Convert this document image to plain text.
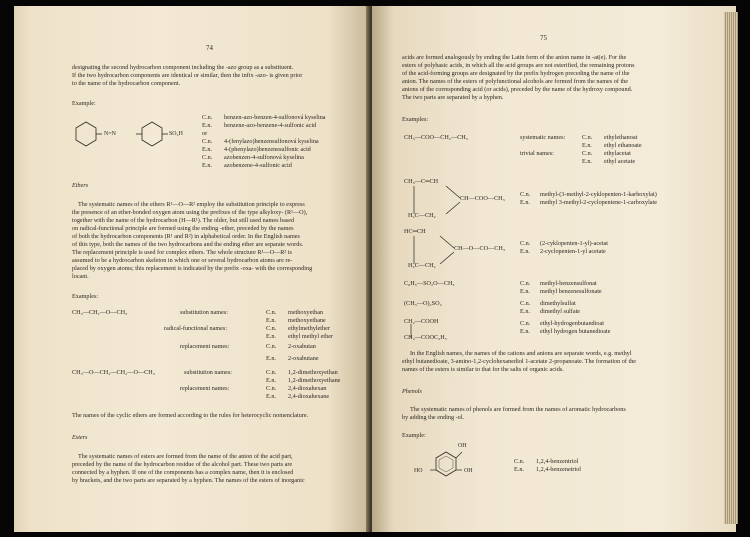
74
designating the second hydrocarbon component including the -azo group as a substituent.
If the two hydrocarbon components are identical or similar, then the infix -azo- is given prior
to the name of the hydrocarbon component.
Example:
N=N	SO₃H
C.n. benzen-azo-benzen-4-sulfonová kyselina
E.n. benzene-azo-benzene-4-sulfonic acid
or
C.n. 4-(fenylazo)benzensulfonová kyselina
E.n. 4-(phenylazo)benzenesulfonic acid
C.n. azobenzen-4-sulfonová kyselina
E.n. azobenzene-4-sulfonic acid
Ethers
The systematic names of the ethers R¹—O—R² employ the substitution principle to express
the presence of an ether-bonded oxygen atom using the prefixes of the type alkyloxy- (R¹—O),
together with the name of the hydrocarbon (H—R¹). The older, but still used names based
on radical-functional principle are formed using the ending -ether, preceded by the names
of both the hydrocarbon components (R¹ and R²) in alphabetical order. In the English names
of this type, both the names of the two hydrocarbons and the ending ether are separate words.
The replacement principle is used for complex ethers. The whole structure R¹—O—R² is
assumed to be a hydrocarbon skeleton in which one or several hydrocarbon atoms are re-
placed by oxygen atoms; this replacement is indicated by the prefix -oxa- with the corresponding
locant.
Examples:
CH₃—CH₂—O—CH₃	substitution names:	C.n. methoxyethan
E.n. methoxyethane
radical-functional names:	C.n. ethylmethylether
E.n. ethyl methyl ether
replacement names:	C.n. 2-oxabutan
E.n. 2-oxabutane
CH₃—O—CH₂—CH₂—O—CH₃	substitution names:	C.n. 1,2-dimethoxyethan
E.n. 1,2-dimethoxyethane
replacement names:	C.n. 2,4-dioxahexan
E.n. 2,4-dioxahexane
The names of the cyclic ethers are formed according to the rules for heterocyclic nomenclature.
Esters
The systematic names of esters are formed from the name of the anion of the acid part,
preceded by the name of the hydrocarbon residue of the alcohol part. These two parts are
connected by a hyphen. If one of the components has a complex name, then it is enclosed
by brackets, and the two parts are separated by a hyphen. The names of the esters of inorganic
75
acids are formed analogously by ending the Latin form of the anion name in -at(e). For the
esters of polybasic acids, in which all the acid groups are not esterified, the remaining protons
of the acid-forming groups are designated by the prefix hydrogen preceding the name of the
anion. The names of the esters of polyfunctional alcohols are formed from the names of the
anions of the corresponding acid (or acids), preceded by the name of the hydroxy compound.
The two parts are separated by a hyphen.
Examples:
CH₃—COO—CH₂—CH₃	systematic names:	C.n. ethylethanoat
E.n. ethyl ethanoate
trivial names:	C.n. ethylacetat
E.n. ethyl acetate
CH₃—C═CH
CH—COO—CH₃
H₂C—CH₂
C.n. methyl-(3-methyl-2-cyklopenten-1-karboxylat)
E.n. methyl 3-methyl-2-cyclopentene-1-carboxylate
HC═CH
CH—O—CO—CH₃
H₂C—CH₂
C.n. (2-cyklopenten-1-yl)-acetat
E.n. 2-cyclopenten-1-yl acetate
C₆H₅—SO₂O—CH₃	C.n. methyl-benzensulfonat
E.n. methyl benzenesulfonate
(CH₃—O)₂SO₂	C.n. dimethylsulfat
E.n. dimethyl sulfate
CH₂—COOH
CH₂—COOC₂H₅
C.n. ethyl-hydrogenbutandioat
E.n. ethyl hydrogen butanedioate
In the English names, the names of the cations and anions are separate words, e.g. methyl
ethyl butanedioate, 3-amino-1,2-cyclohexanediol 1-acetate 2-propanoate. The formation of the
names of the esters is similar to that for the salts of organic acids.
Phenols
The systematic names of phenols are formed from the names of aromatic hydrocarbons
by adding the ending -ol.
Example:
OH
HO	OH
C.n. 1,2,4-benzentriol
E.n. 1,2,4-benzenetriol
